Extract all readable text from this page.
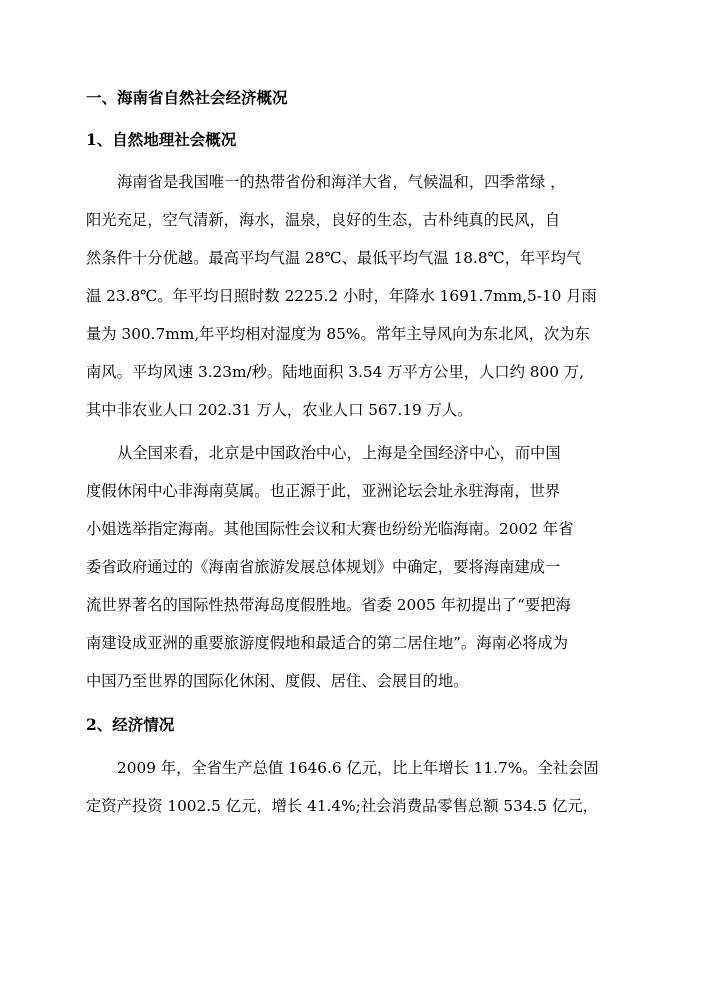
一、海南省自然社会经济概况
1、自然地理社会概况
海南省是我国唯一的热带省份和海洋大省，气候温和，四季常绿 ，
阳光充足，空气清新，海水，温泉，良好的生态，古朴纯真的民风，自
然条件十分优越。最高平均气温 28℃、最低平均气温 18.8℃，年平均气
温 23.8℃。年平均日照时数 2225.2 小时，年降水 1691.7mm,5-10 月雨
量为 300.7mm,年平均相对湿度为 85%。常年主导风向为东北风，次为东
南风。平均风速 3.23m/秒。陆地面积 3.54 万平方公里，人口约 800 万,
其中非农业人口 202.31 万人，农业人口 567.19 万人。
从全国来看，北京是中国政治中心，上海是全国经济中心，而中国
度假休闲中心非海南莫属。也正源于此，亚洲论坛会址永驻海南，世界
小姐选举指定海南。其他国际性会议和大赛也纷纷光临海南。2002 年省
委省政府通过的《海南省旅游发展总体规划》中确定，要将海南建成一
流世界著名的国际性热带海岛度假胜地。省委 2005 年初提出了“要把海
南建设成亚洲的重要旅游度假地和最适合的第二居住地”。海南必将成为
中国乃至世界的国际化休闲、度假、居住、会展目的地。
2、经济情况
2009 年，全省生产总值 1646.6 亿元，比上年增长 11.7%。全社会固
定资产投资 1002.5 亿元，增长 41.4%;社会消费品零售总额 534.5 亿元，
